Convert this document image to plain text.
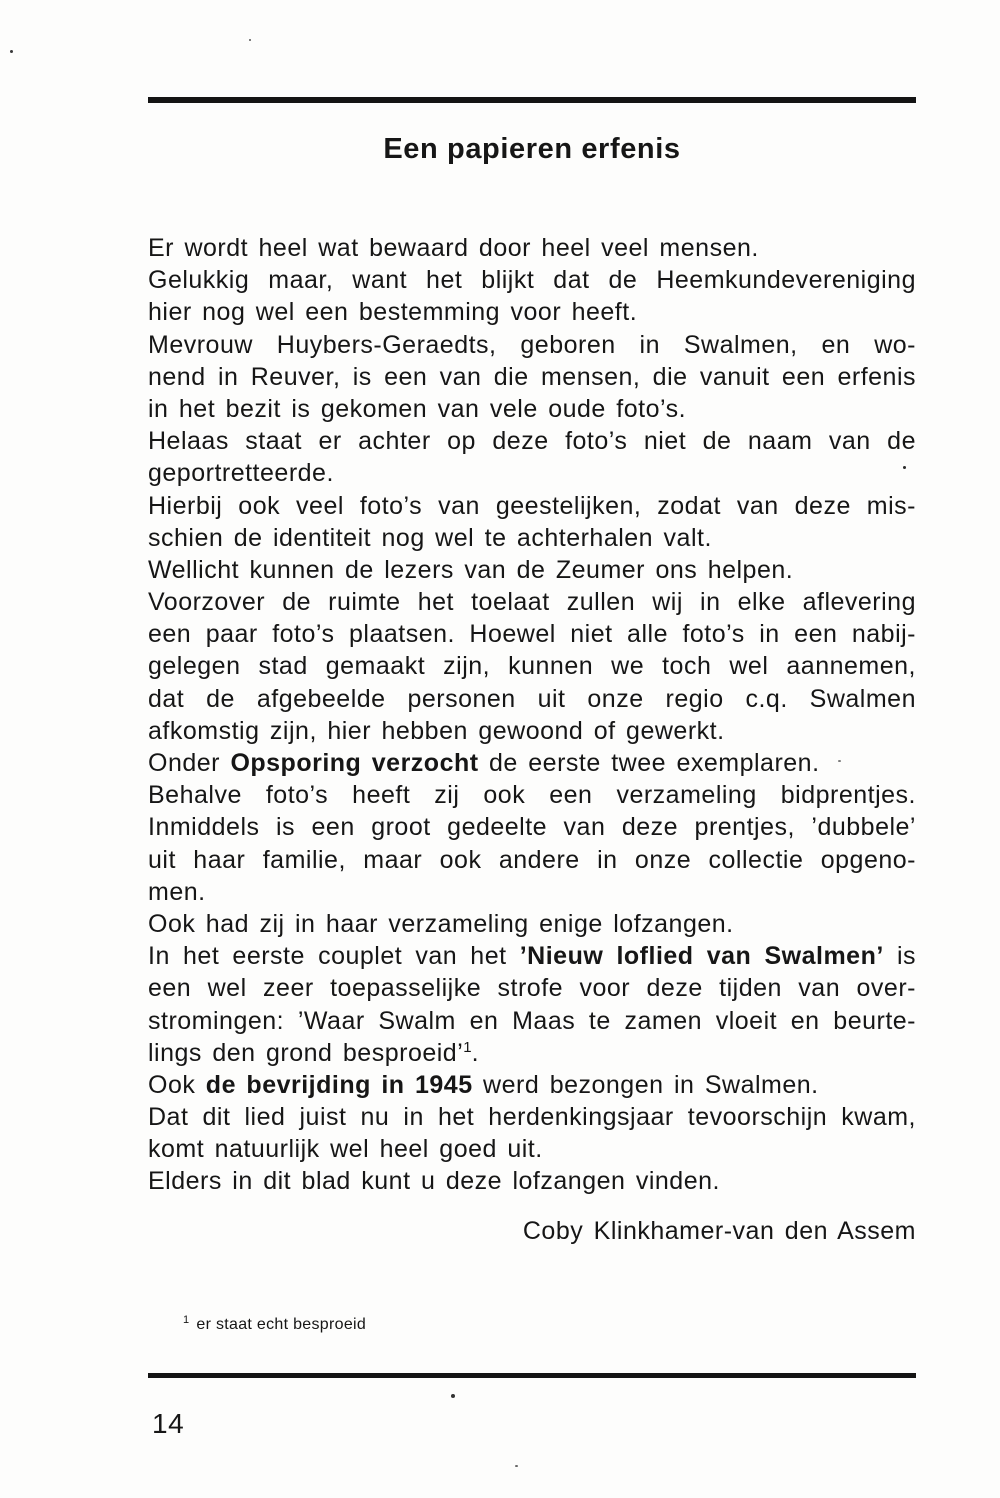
Een papieren erfenis
Er wordt heel wat bewaard door heel veel mensen.
Gelukkig maar, want het blijkt dat de Heemkundevereniging
hier nog wel een bestemming voor heeft.
Mevrouw Huybers-Geraedts, geboren in Swalmen, en wo-
nend in Reuver, is een van die mensen, die vanuit een erfenis
in het bezit is gekomen van vele oude foto’s.
Helaas staat er achter op deze foto’s niet de naam van de
geportretteerde.
Hierbij ook veel foto’s van geestelijken, zodat van deze mis-
schien de identiteit nog wel te achterhalen valt.
Wellicht kunnen de lezers van de Zeumer ons helpen.
Voorzover de ruimte het toelaat zullen wij in elke aflevering
een paar foto’s plaatsen. Hoewel niet alle foto’s in een nabij-
gelegen stad gemaakt zijn, kunnen we toch wel aannemen,
dat de afgebeelde personen uit onze regio c.q. Swalmen
afkomstig zijn, hier hebben gewoond of gewerkt.
Onder Opsporing verzocht de eerste twee exemplaren.
Behalve foto’s heeft zij ook een verzameling bidprentjes.
Inmiddels is een groot gedeelte van deze prentjes, ’dubbele’
uit haar familie, maar ook andere in onze collectie opgeno-
men.
Ook had zij in haar verzameling enige lofzangen.
In het eerste couplet van het ’Nieuw loflied van Swalmen’ is
een wel zeer toepasselijke strofe voor deze tijden van over-
stromingen: ’Waar Swalm en Maas te zamen vloeit en beurte-
lings den grond besproeid’$^1$.
Ook de bevrijding in 1945 werd bezongen in Swalmen.
Dat dit lied juist nu in het herdenkingsjaar tevoorschijn kwam,
komt natuurlijk wel heel goed uit.
Elders in dit blad kunt u deze lofzangen vinden.
Coby Klinkhamer-van den Assem
$^1$ er staat echt besproeid
14
